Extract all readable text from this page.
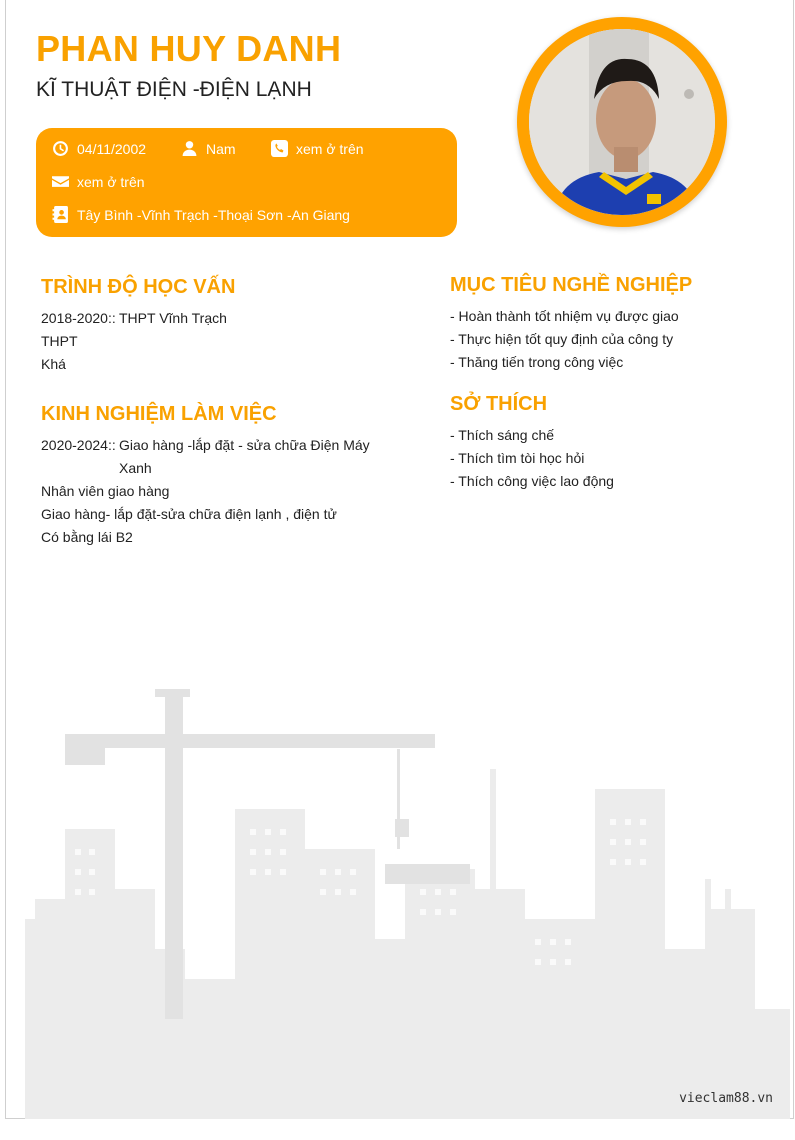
PHAN HUY DANH
KĨ THUẬT ĐIỆN -ĐIỆN LẠNH
04/11/2002	Nam	xem ở trên
xem ở trên
Tây Bình -Vĩnh Trạch -Thoại Sơn -An Giang
TRÌNH ĐỘ HỌC VẤN
2018-2020:: THPT Vĩnh Trạch
THPT
Khá
KINH NGHIỆM LÀM VIỆC
2020-2024:: Giao hàng -lắp đặt - sửa chữa Điện Máy
Xanh
Nhân viên giao hàng
Giao hàng- lắp đặt-sửa chữa điện lạnh , điện tử
Có bằng lái B2
MỤC TIÊU NGHỀ NGHIỆP
- Hoàn thành tốt nhiệm vụ được giao
- Thực hiện tốt quy định của công ty
- Thăng tiến trong công việc
SỞ THÍCH
- Thích sáng chế
- Thích tìm tòi học hỏi
- Thích công việc lao động
vieclam88.vn
